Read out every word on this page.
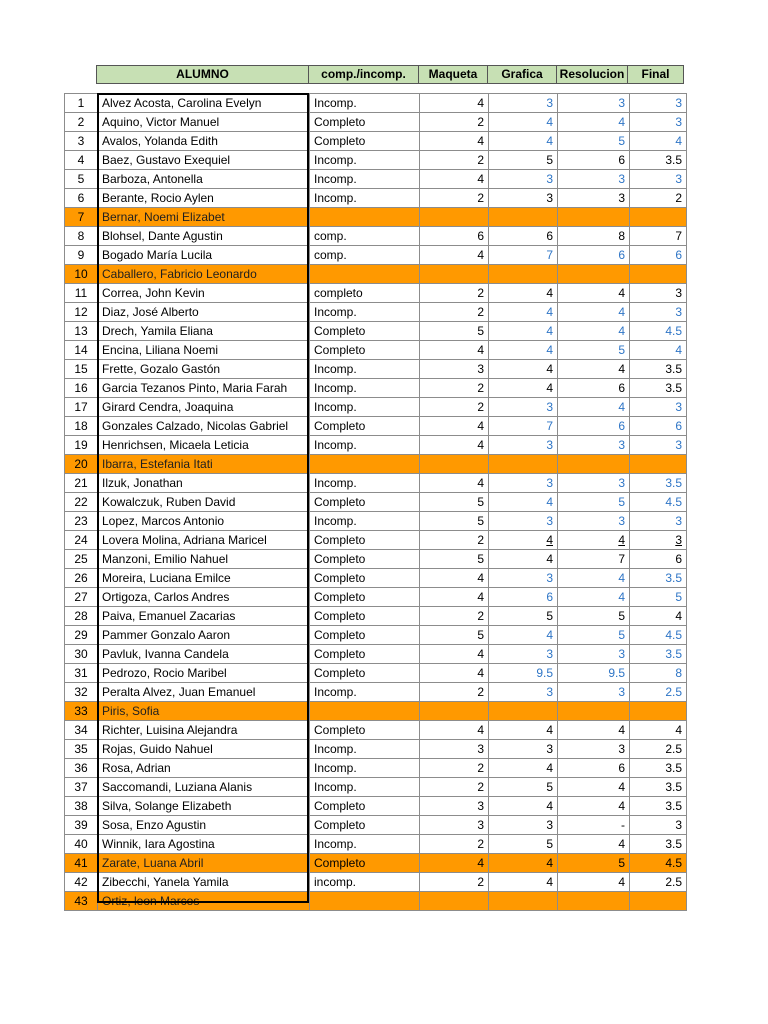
ALUMNO	comp./incomp.	Maqueta	Grafica	Resolucion	Final
1	Alvez Acosta, Carolina Evelyn	Incomp.	4	3	3	3
2	Aquino, Victor Manuel	Completo	2	4	4	3
3	Avalos, Yolanda Edith	Completo	4	4	5	4
4	Baez, Gustavo Exequiel	Incomp.	2	5	6	3.5
5	Barboza, Antonella	Incomp.	4	3	3	3
6	Berante, Rocio Aylen	Incomp.	2	3	3	2
7	Bernar, Noemi Elizabet					
8	Blohsel, Dante Agustin	comp.	6	6	8	7
9	Bogado María Lucila	comp.	4	7	6	6
10	Caballero, Fabricio Leonardo					
11	Correa, John Kevin	completo	2	4	4	3
12	Diaz, José Alberto	Incomp.	2	4	4	3
13	Drech, Yamila Eliana	Completo	5	4	4	4.5
14	Encina, Liliana Noemi	Completo	4	4	5	4
15	Frette, Gozalo Gastón	Incomp.	3	4	4	3.5
16	Garcia Tezanos Pinto, Maria Farah	Incomp.	2	4	6	3.5
17	Girard Cendra, Joaquina	Incomp.	2	3	4	3
18	Gonzales Calzado, Nicolas Gabriel	Completo	4	7	6	6
19	Henrichsen, Micaela Leticia	Incomp.	4	3	3	3
20	Ibarra, Estefania Itati					
21	Ilzuk, Jonathan	Incomp.	4	3	3	3.5
22	Kowalczuk, Ruben David	Completo	5	4	5	4.5
23	Lopez, Marcos Antonio	Incomp.	5	3	3	3
24	Lovera Molina, Adriana Maricel	Completo	2	4	4	3
25	Manzoni, Emilio Nahuel	Completo	5	4	7	6
26	Moreira, Luciana Emilce	Completo	4	3	4	3.5
27	Ortigoza, Carlos Andres	Completo	4	6	4	5
28	Paiva, Emanuel Zacarias	Completo	2	5	5	4
29	Pammer Gonzalo Aaron	Completo	5	4	5	4.5
30	Pavluk, Ivanna Candela	Completo	4	3	3	3.5
31	Pedrozo, Rocio Maribel	Completo	4	9.5	9.5	8
32	Peralta Alvez, Juan Emanuel	Incomp.	2	3	3	2.5
33	Piris, Sofia					
34	Richter, Luisina Alejandra	Completo	4	4	4	4
35	Rojas, Guido Nahuel	Incomp.	3	3	3	2.5
36	Rosa, Adrian	Incomp.	2	4	6	3.5
37	Saccomandi, Luziana Alanis	Incomp.	2	5	4	3.5
38	Silva, Solange Elizabeth	Completo	3	4	4	3.5
39	Sosa, Enzo Agustin	Completo	3	3	-	3
40	Winnik, Iara Agostina	Incomp.	2	5	4	3.5
41	Zarate, Luana Abril	Completo	4	4	5	4.5
42	Zibecchi, Yanela Yamila	incomp.	2	4	4	2.5
43	Ortiz, leon Marcos					
